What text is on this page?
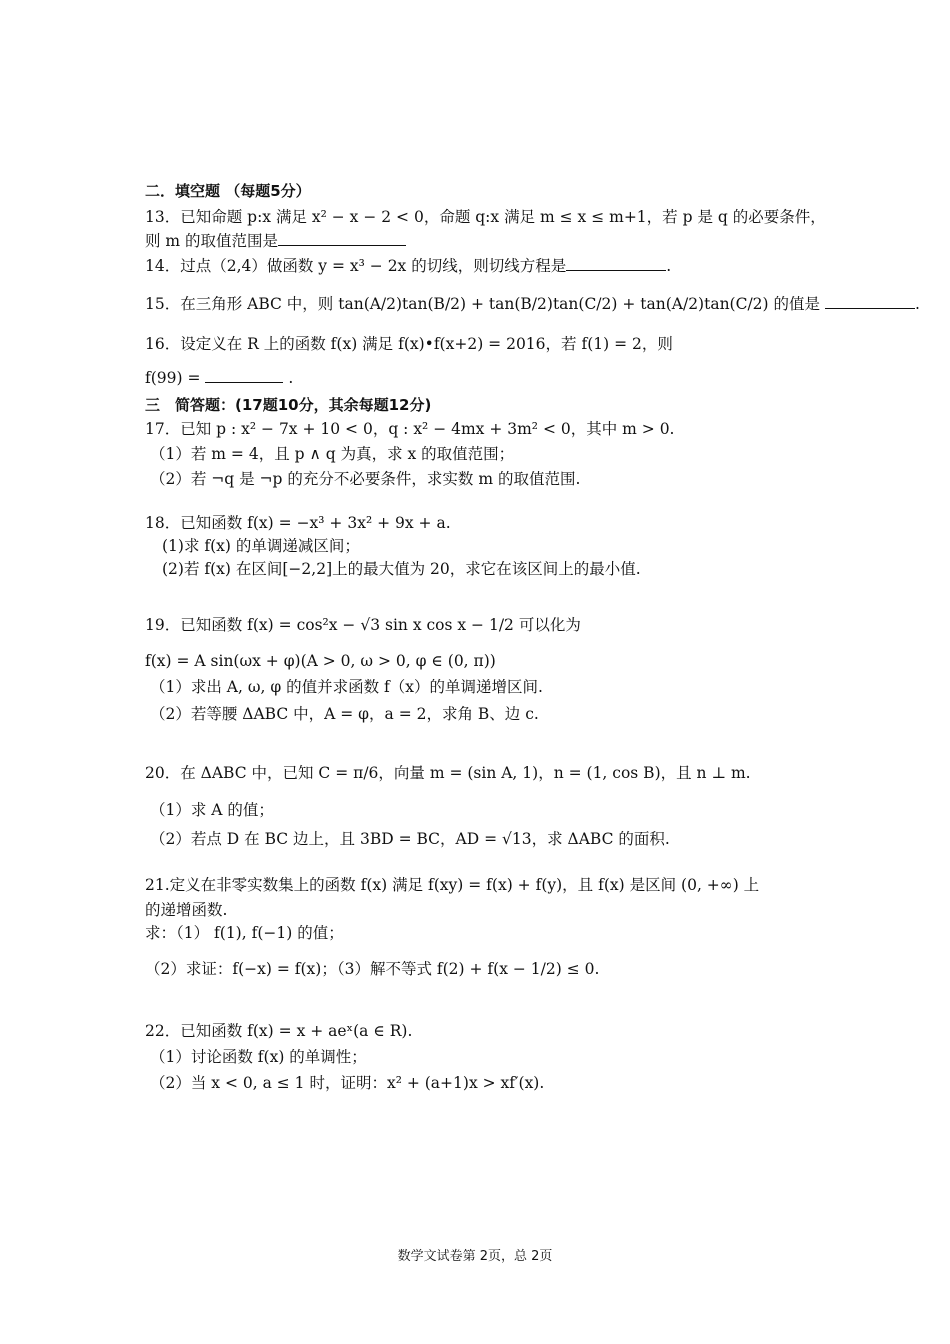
二．填空题 （每题5分）
13．已知命题 p:x 满足 x² − x − 2 < 0，命题 q:x 满足 m ≤ x ≤ m+1，若 p 是 q 的必要条件，
则 m 的取值范围是
14．过点（2,4）做函数 y = x³ − 2x 的切线，则切线方程是	.
15．在三角形 ABC 中，则 tan(A/2)tan(B/2) + tan(B/2)tan(C/2) + tan(A/2)tan(C/2) 的值是	.
16．设定义在 R 上的函数 f(x) 满足 f(x)•f(x+2) = 2016，若 f(1) = 2，则
f(99) =	.
三　简答题：(17题10分，其余每题12分)
17．已知 p : x² − 7x + 10 < 0，q : x² − 4mx + 3m² < 0，其中 m > 0.
（1）若 m = 4，且 p ∧ q 为真，求 x 的取值范围；
（2）若 ¬q 是 ¬p 的充分不必要条件，求实数 m 的取值范围.
18．已知函数 f(x) = −x³ + 3x² + 9x + a.
(1)求 f(x) 的单调递减区间；
(2)若 f(x) 在区间[−2,2]上的最大值为 20，求它在该区间上的最小值.
19．已知函数 f(x) = cos²x − √3 sin x cos x − 1/2 可以化为
f(x) = A sin(ωx + φ)(A > 0, ω > 0, φ ∈ (0, π))
（1）求出 A, ω, φ 的值并求函数 f（x）的单调递增区间.
（2）若等腰 ΔABC 中，A = φ，a = 2，求角 B、边 c.
20．在 ΔABC 中，已知 C = π/6，向量 m = (sin A, 1)，n = (1, cos B)，且 n ⊥ m.
（1）求 A 的值；
（2）若点 D 在 BC 边上，且 3BD = BC，AD = √13，求 ΔABC 的面积.
21.定义在非零实数集上的函数 f(x) 满足 f(xy) = f(x) + f(y)，且 f(x) 是区间 (0, +∞) 上
的递增函数.
求：（1） f(1), f(−1) 的值；
（2）求证：f(−x) = f(x)；（3）解不等式 f(2) + f(x − 1/2) ≤ 0.
22．已知函数 f(x) = x + aeˣ(a ∈ R).
（1）讨论函数 f(x) 的单调性；
（2）当 x < 0, a ≤ 1 时，证明：x² + (a+1)x > xf′(x).
数学文试卷第 2页，总 2页
